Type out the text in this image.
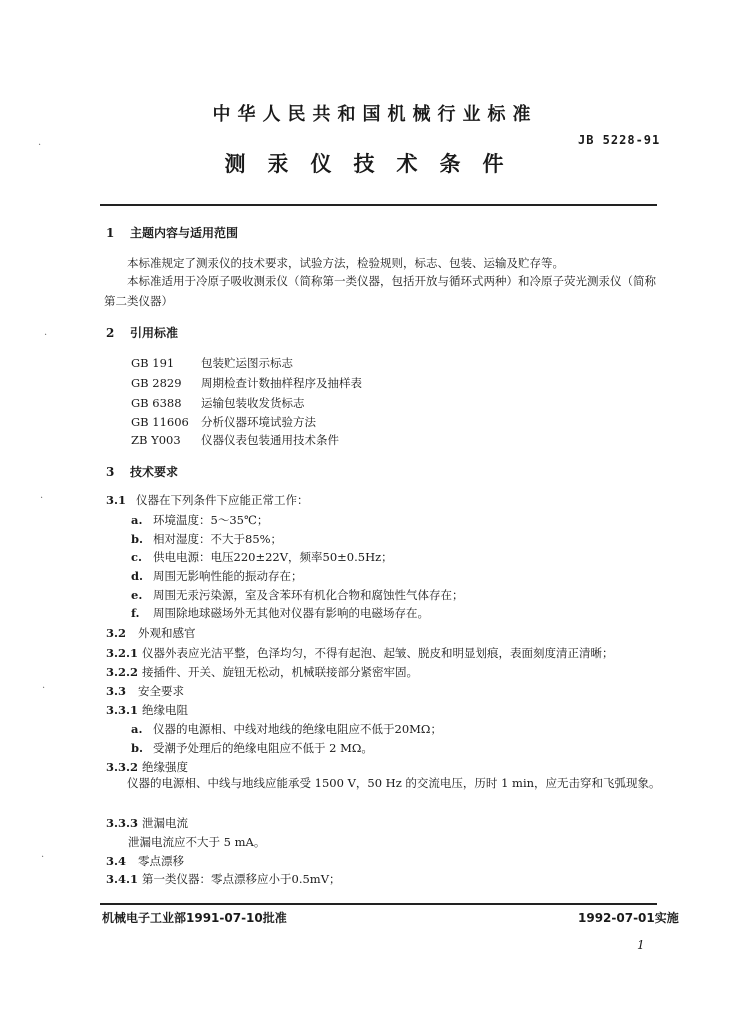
中华人民共和国机械行业标准
JB 5228-91
测汞仪技术条件
1 主题内容与适用范围
本标准规定了测汞仪的技术要求，试验方法，检验规则，标志、包装、运输及贮存等。
本标准适用于冷原子吸收测汞仪（简称第一类仪器，包括开放与循环式两种）和冷原子荧光测汞仪（简称第二类仪器）
2 引用标准
GB 191 包装贮运图示标志
GB 2829 周期检查计数抽样程序及抽样表
GB 6388 运输包装收发货标志
GB 11606 分析仪器环境试验方法
ZB Y003 仪器仪表包装通用技术条件
3 技术要求
3.1 仪器在下列条件下应能正常工作：
a. 环境温度：5～35℃；
b. 相对湿度：不大于85%；
c. 供电电源：电压220±22V，频率50±0.5Hz；
d. 周围无影响性能的振动存在；
e. 周围无汞污染源，室及含苯环有机化合物和腐蚀性气体存在；
f. 周围除地球磁场外无其他对仪器有影响的电磁场存在。
3.2 外观和感官
3.2.1 仪器外表应光洁平整，色泽均匀，不得有起泡、起皱、脱皮和明显划痕，表面刻度清正清晰；
3.2.2 接插件、开关、旋钮无松动，机械联接部分紧密牢固。
3.3 安全要求
3.3.1 绝缘电阻
a. 仪器的电源相、中线对地线的绝缘电阻应不低于20MΩ；
b. 受潮予处理后的绝缘电阻应不低于 2 MΩ。
3.3.2 绝缘强度
仪器的电源相、中线与地线应能承受 1500 V，50 Hz 的交流电压，历时 1 min，应无击穿和飞弧现象。
3.3.3 泄漏电流
泄漏电流应不大于 5 mA。
3.4 零点漂移
3.4.1 第一类仪器：零点漂移应小于0.5mV；
机械电子工业部1991-07-10批准	1992-07-01实施
1
·
·
·
·
·
